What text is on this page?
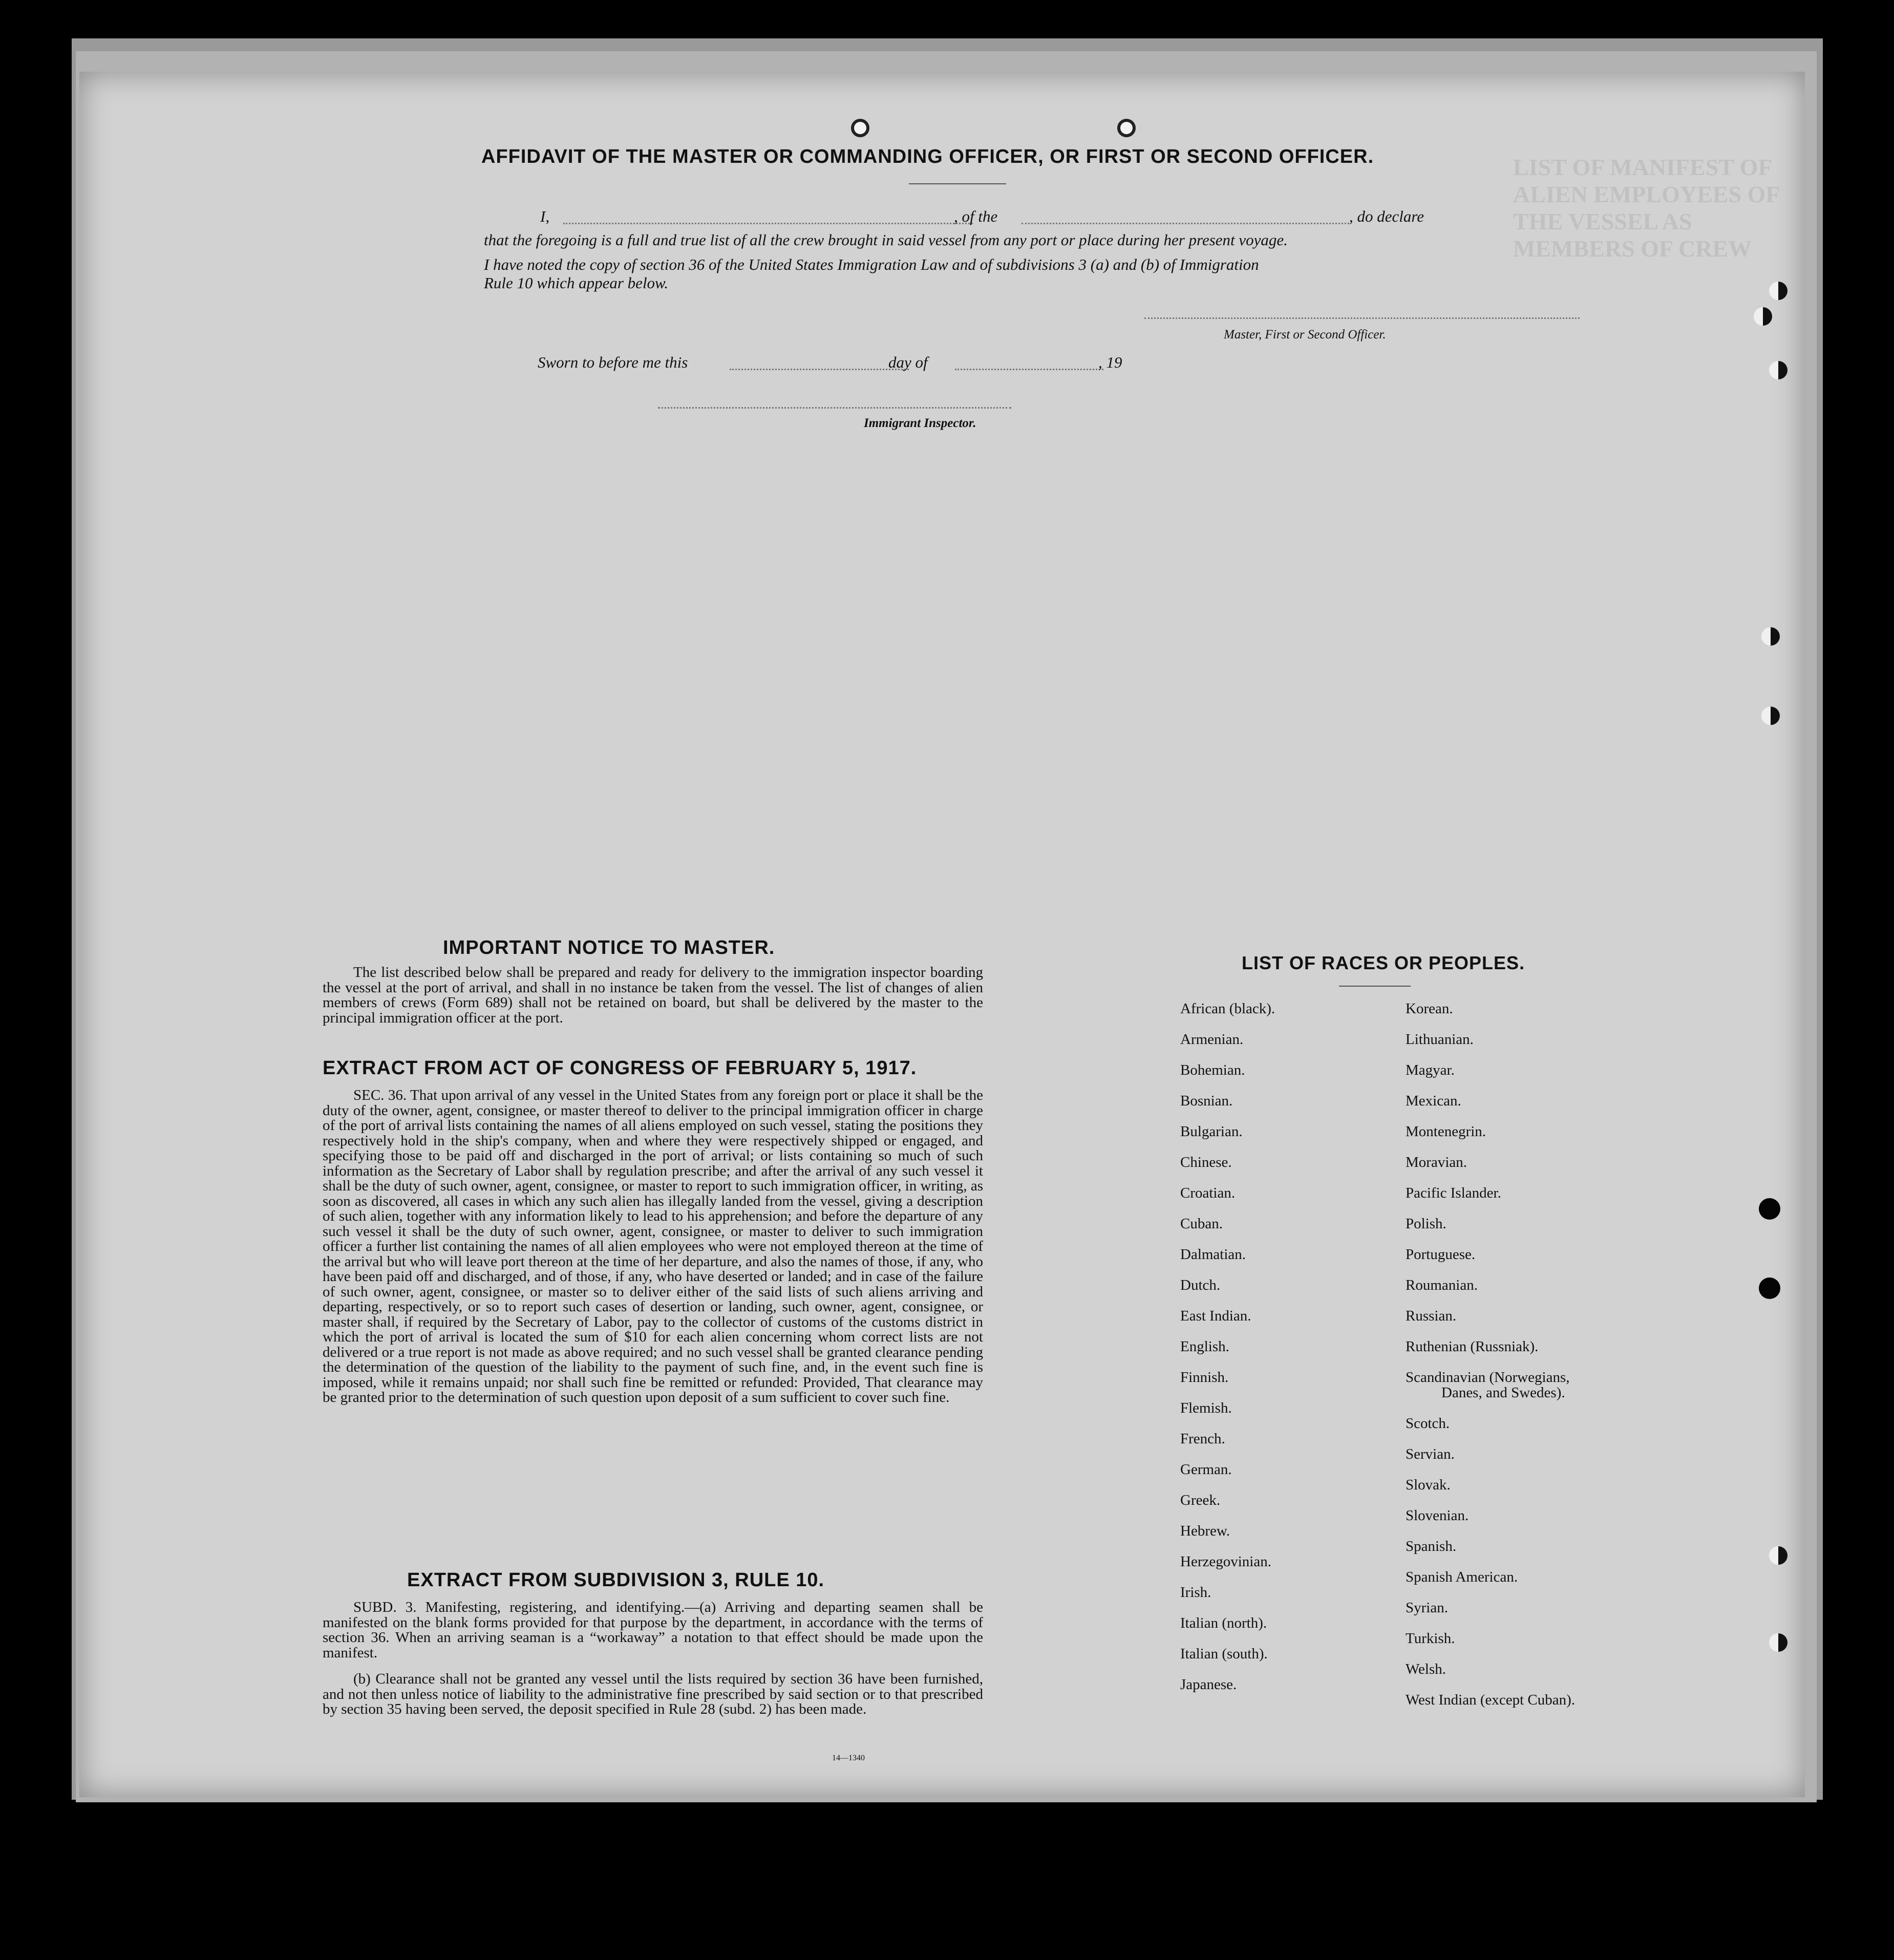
LIST OF MANIFEST OF ALIEN EMPLOYEES OF THE VESSEL AS MEMBERS OF CREW
AFFIDAVIT OF THE MASTER OR COMMANDING OFFICER, OR FIRST OR SECOND OFFICER.
I,	, of the	, do declare
that the foregoing is a full and true list of all the crew brought in said vessel from any port or place during her present voyage.
I have noted the copy of section 36 of the United States Immigration Law and of subdivisions 3 (a) and (b) of Immigration
Rule 10 which appear below.
Master, First or Second Officer.
Sworn to before me this	day of	, 19
Immigrant Inspector.
IMPORTANT NOTICE TO MASTER.
The list described below shall be prepared and ready for delivery to the immigration inspector boarding the vessel at the port of arrival, and shall in no instance be taken from the vessel. The list of changes of alien members of crews (Form 689) shall not be retained on board, but shall be delivered by the master to the principal immigration officer at the port.
EXTRACT FROM ACT OF CONGRESS OF FEBRUARY 5, 1917.
SEC. 36. That upon arrival of any vessel in the United States from any foreign port or place it shall be the duty of the owner, agent, consignee, or master thereof to deliver to the principal immigration officer in charge of the port of arrival lists containing the names of all aliens employed on such vessel, stating the positions they respectively hold in the ship's company, when and where they were respectively shipped or engaged, and specifying those to be paid off and discharged in the port of arrival; or lists containing so much of such information as the Secretary of Labor shall by regulation prescribe; and after the arrival of any such vessel it shall be the duty of such owner, agent, consignee, or master to report to such immigration officer, in writing, as soon as discovered, all cases in which any such alien has illegally landed from the vessel, giving a description of such alien, together with any information likely to lead to his apprehension; and before the departure of any such vessel it shall be the duty of such owner, agent, consignee, or master to deliver to such immigration officer a further list containing the names of all alien employees who were not employed thereon at the time of the arrival but who will leave port thereon at the time of her departure, and also the names of those, if any, who have been paid off and discharged, and of those, if any, who have deserted or landed; and in case of the failure of such owner, agent, consignee, or master so to deliver either of the said lists of such aliens arriving and departing, respectively, or so to report such cases of desertion or landing, such owner, agent, consignee, or master shall, if required by the Secretary of Labor, pay to the collector of customs of the customs district in which the port of arrival is located the sum of $10 for each alien concerning whom correct lists are not delivered or a true report is not made as above required; and no such vessel shall be granted clearance pending the determination of the question of the liability to the payment of such fine, and, in the event such fine is imposed, while it remains unpaid; nor shall such fine be remitted or refunded: Provided, That clearance may be granted prior to the determination of such question upon deposit of a sum sufficient to cover such fine.
EXTRACT FROM SUBDIVISION 3, RULE 10.
SUBD. 3. Manifesting, registering, and identifying.—(a) Arriving and departing seamen shall be manifested on the blank forms provided for that purpose by the department, in accordance with the terms of section 36. When an arriving seaman is a “workaway” a notation to that effect should be made upon the manifest.
(b) Clearance shall not be granted any vessel until the lists required by section 36 have been furnished, and not then unless notice of liability to the administrative fine prescribed by said section or to that prescribed by section 35 having been served, the deposit specified in Rule 28 (subd. 2) has been made.
14—1340
LIST OF RACES OR PEOPLES.
African (black).
Armenian.
Bohemian.
Bosnian.
Bulgarian.
Chinese.
Croatian.
Cuban.
Dalmatian.
Dutch.
East Indian.
English.
Finnish.
Flemish.
French.
German.
Greek.
Hebrew.
Herzegovinian.
Irish.
Italian (north).
Italian (south).
Japanese.
Korean.
Lithuanian.
Magyar.
Mexican.
Montenegrin.
Moravian.
Pacific Islander.
Polish.
Portuguese.
Roumanian.
Russian.
Ruthenian (Russniak).
Scandinavian (Norwegians,
Danes, and Swedes).
Scotch.
Servian.
Slovak.
Slovenian.
Spanish.
Spanish American.
Syrian.
Turkish.
Welsh.
West Indian (except Cuban).
